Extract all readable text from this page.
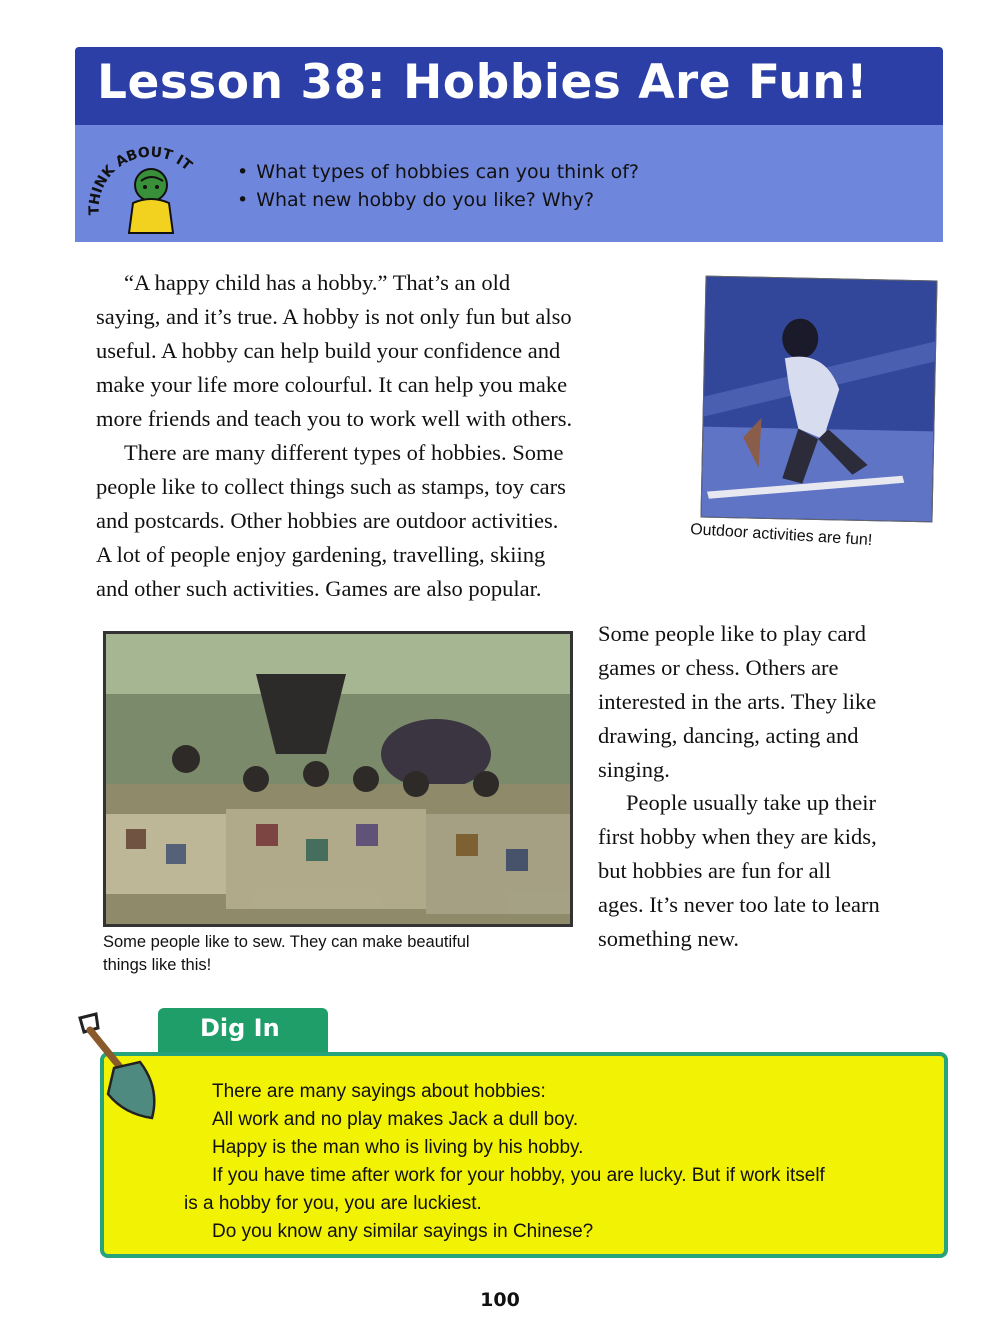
Lesson 38: Hobbies Are Fun!
THINK ABOUT IT
•	What types of hobbies can you think of?
• What new hobby do you like? Why?
“A happy child has a hobby.” That’s an old
saying, and it’s true. A hobby is not only fun but also
useful. A hobby can help build your confidence and
make your life more colourful. It can help you make
more friends and teach you to work well with others.
There are many different types of hobbies. Some
people like to collect things such as stamps, toy cars
and postcards. Other hobbies are outdoor activities.
A lot of people enjoy gardening, travelling, skiing
and other such activities. Games are also popular.
Outdoor activities are fun!
Some people like to sew. They can make beautiful
things like this!
Some people like to play card
games or chess. Others are
interested in the arts. They like
drawing, dancing, acting and
singing.
People usually take up their
first hobby when they are kids,
but hobbies are fun for all
ages. It’s never too late to learn
something new.
Dig In
There are many sayings about hobbies:
All work and no play makes Jack a dull boy.
Happy is the man who is living by his hobby.
If you have time after work for your hobby, you are lucky. But if work itself
is a hobby for you, you are luckiest.
Do you know any similar sayings in Chinese?
100
